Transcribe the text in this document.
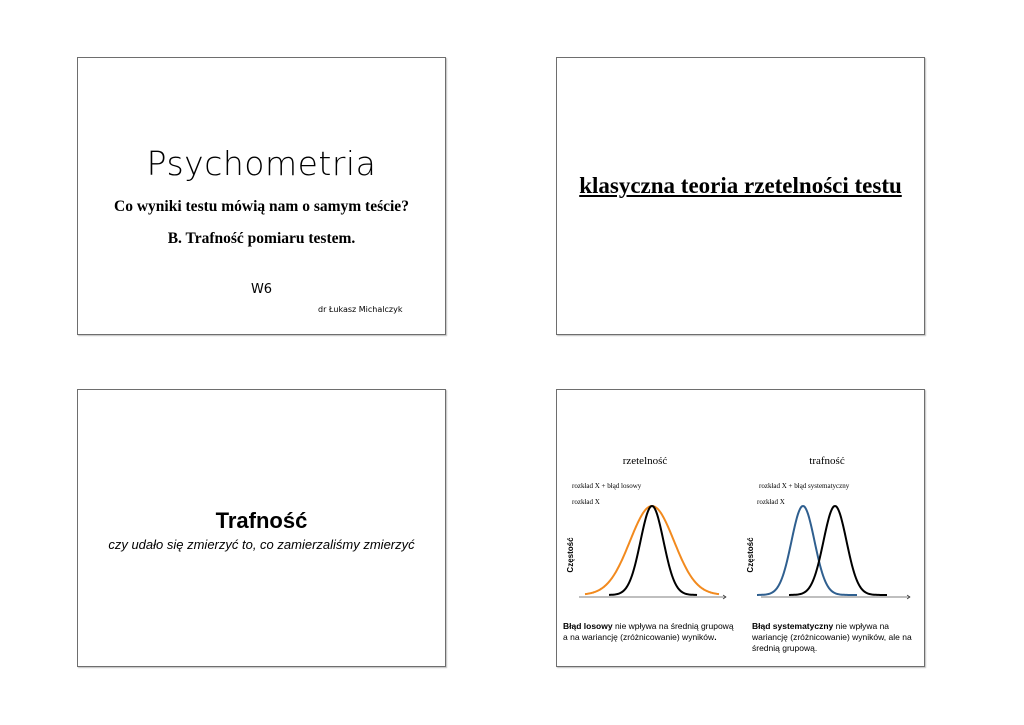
Psychometria
Co wyniki testu mówią nam o samym teście?
B. Trafność pomiaru testem.
W6
dr Łukasz Michalczyk
klasyczna teoria rzetelności testu
Trafność
czy udało się zmierzyć to, co zamierzaliśmy zmierzyć
rzetelność
rozkład X + błąd losowy
rozkład X
Częstość
trafność
rozkład X + błąd systematyczny
rozkład X
Częstość
Błąd losowy nie wpływa na średnią grupową a na wariancję (zróżnicowanie) wyników.
Błąd systematyczny nie wpływa na wariancję (zróżnicowanie) wyników, ale na średnią grupową.
